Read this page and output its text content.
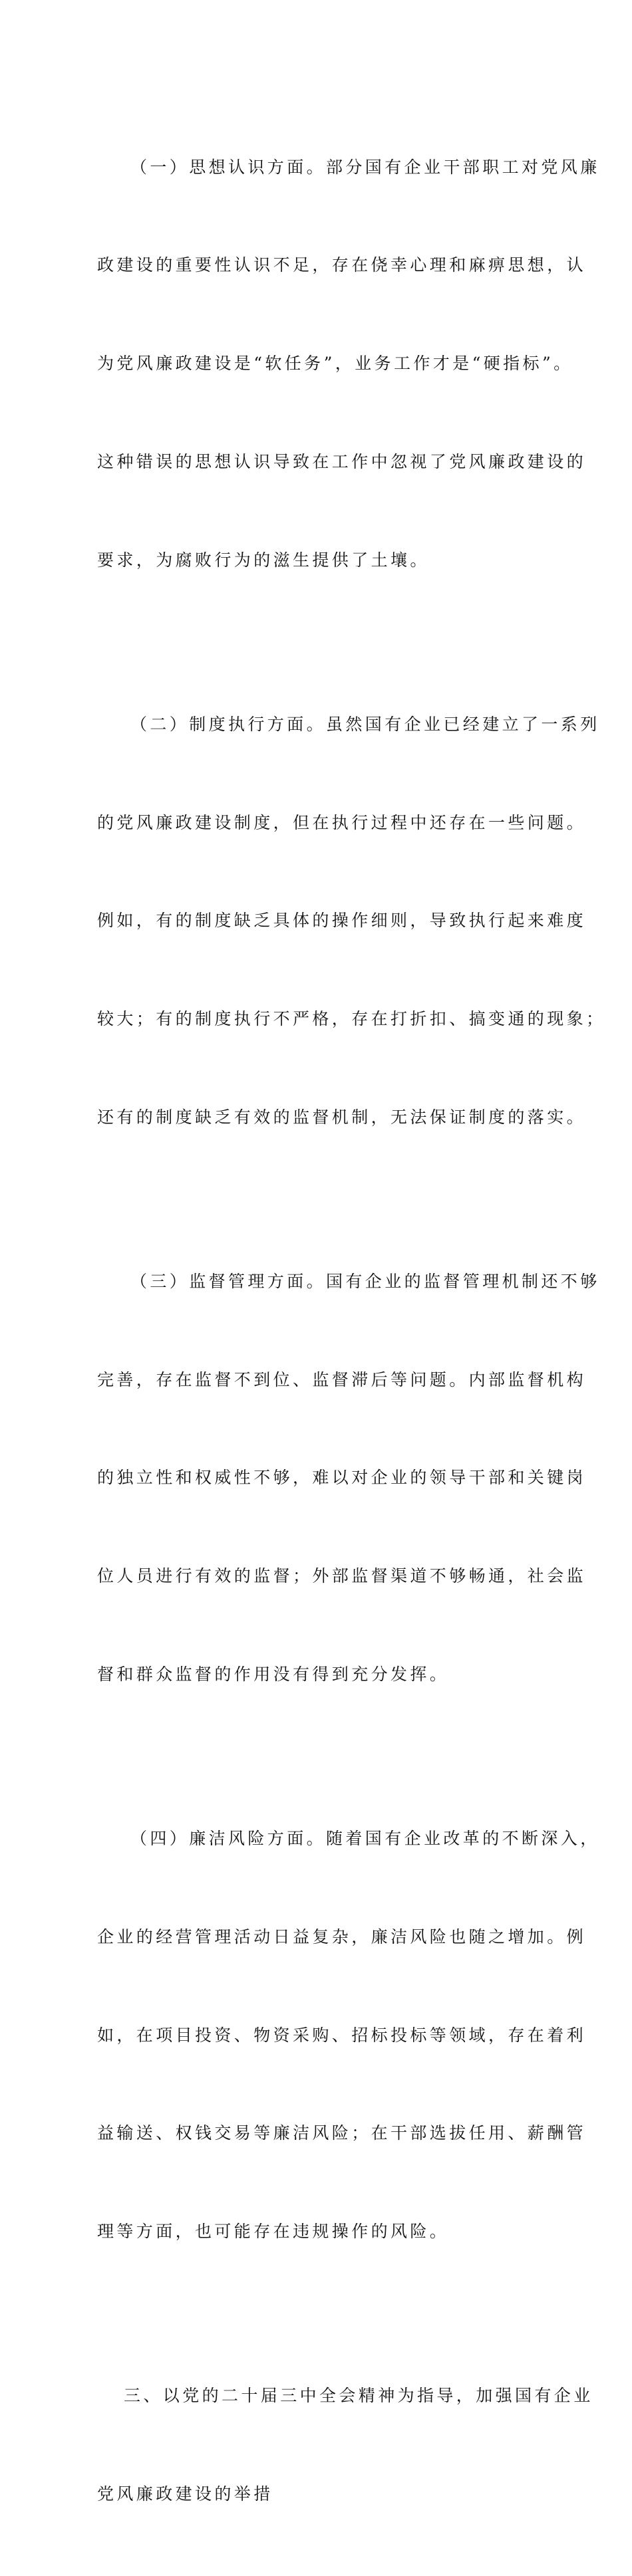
（一）思想认识方面。部分国有企业干部职工对党风廉

政建设的重要性认识不足，存在侥幸心理和麻痹思想，认

为党风廉政建设是“软任务”，业务工作才是“硬指标”。

这种错误的思想认识导致在工作中忽视了党风廉政建设的

要求，为腐败行为的滋生提供了土壤。

（二）制度执行方面。虽然国有企业已经建立了一系列

的党风廉政建设制度，但在执行过程中还存在一些问题。

例如，有的制度缺乏具体的操作细则，导致执行起来难度

较大；有的制度执行不严格，存在打折扣、搞变通的现象；

还有的制度缺乏有效的监督机制，无法保证制度的落实。

（三）监督管理方面。国有企业的监督管理机制还不够

完善，存在监督不到位、监督滞后等问题。内部监督机构

的独立性和权威性不够，难以对企业的领导干部和关键岗

位人员进行有效的监督；外部监督渠道不够畅通，社会监

督和群众监督的作用没有得到充分发挥。

（四）廉洁风险方面。随着国有企业改革的不断深入，

企业的经营管理活动日益复杂，廉洁风险也随之增加。例

如，在项目投资、物资采购、招标投标等领域，存在着利

益输送、权钱交易等廉洁风险；在干部选拔任用、薪酬管

理等方面，也可能存在违规操作的风险。

三、以党的二十届三中全会精神为指导，加强国有企业

党风廉政建设的举措
